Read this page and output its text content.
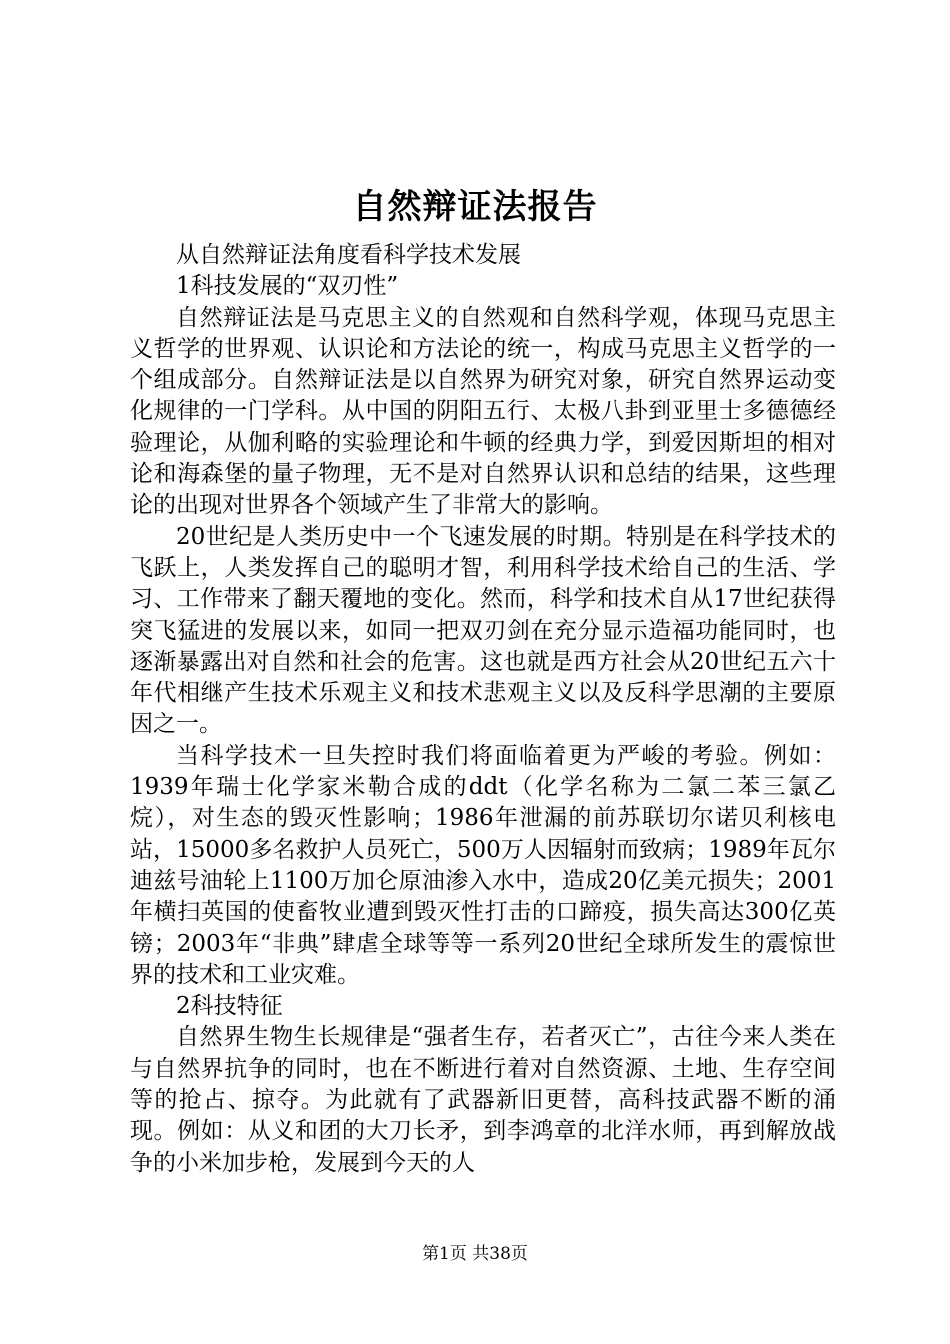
自然辩证法报告

从自然辩证法角度看科学技术发展

1科技发展的“双刃性”

自然辩证法是马克思主义的自然观和自然科学观，体现马克思主义哲学的世界观、认识论和方法论的统一，构成马克思主义哲学的一个组成部分。自然辩证法是以自然界为研究对象，研究自然界运动变化规律的一门学科。从中国的阴阳五行、太极八卦到亚里士多德德经验理论，从伽利略的实验理论和牛顿的经典力学，到爱因斯坦的相对论和海森堡的量子物理，无不是对自然界认识和总结的结果，这些理论的出现对世界各个领域产生了非常大的影响。

20世纪是人类历史中一个飞速发展的时期。特别是在科学技术的飞跃上，人类发挥自己的聪明才智，利用科学技术给自己的生活、学习、工作带来了翻天覆地的变化。然而，科学和技术自从17世纪获得突飞猛进的发展以来，如同一把双刃剑在充分显示造福功能同时，也逐渐暴露出对自然和社会的危害。这也就是西方社会从20世纪五六十年代相继产生技术乐观主义和技术悲观主义以及反科学思潮的主要原因之一。

当科学技术一旦失控时我们将面临着更为严峻的考验。例如：1939年瑞士化学家米勒合成的ddt（化学名称为二氯二苯三氯乙烷），对生态的毁灭性影响；1986年泄漏的前苏联切尔诺贝利核电站，15000多名救护人员死亡，500万人因辐射而致病；1989年瓦尔迪兹号油轮上1100万加仑原油渗入水中，造成20亿美元损失；2001年横扫英国的使畜牧业遭到毁灭性打击的口蹄疫，损失高达300亿英镑；2003年“非典”肆虐全球等等一系列20世纪全球所发生的震惊世界的技术和工业灾难。

2科技特征

自然界生物生长规律是“强者生存，若者灭亡”，古往今来人类在与自然界抗争的同时，也在不断进行着对自然资源、土地、生存空间等的抢占、掠夺。为此就有了武器新旧更替，高科技武器不断的涌现。例如：从义和团的大刀长矛，到李鸿章的北洋水师，再到解放战争的小米加步枪，发展到今天的人

第1页 共38页
